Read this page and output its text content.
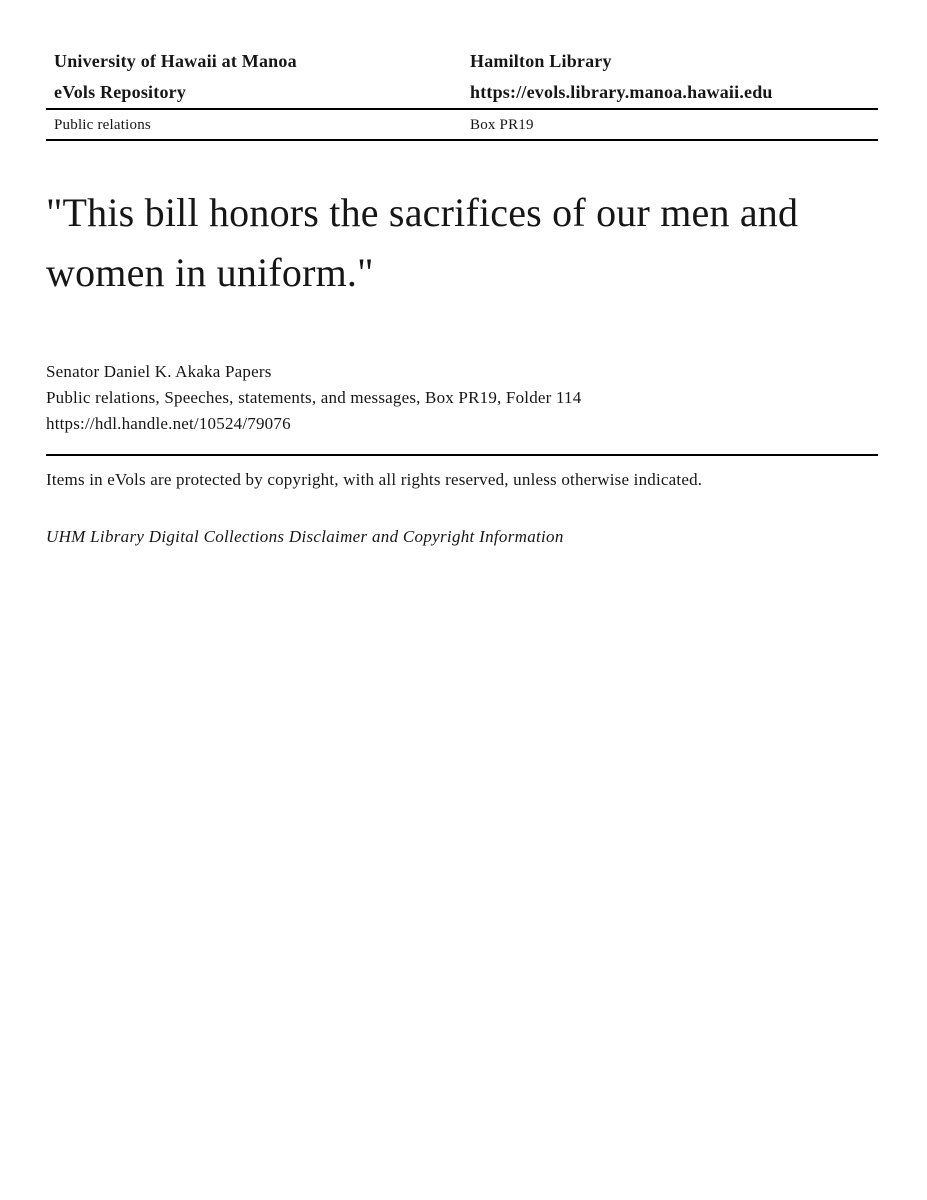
University of Hawaii at Manoa
eVols Repository
Hamilton Library
https://evols.library.manoa.hawaii.edu
Public relations	Box PR19
"This bill honors the sacrifices of our men and women in uniform."
Senator Daniel K. Akaka Papers
Public relations, Speeches, statements, and messages, Box PR19, Folder 114
https://hdl.handle.net/10524/79076

Items in eVols are protected by copyright, with all rights reserved, unless otherwise indicated.

UHM Library Digital Collections Disclaimer and Copyright Information
